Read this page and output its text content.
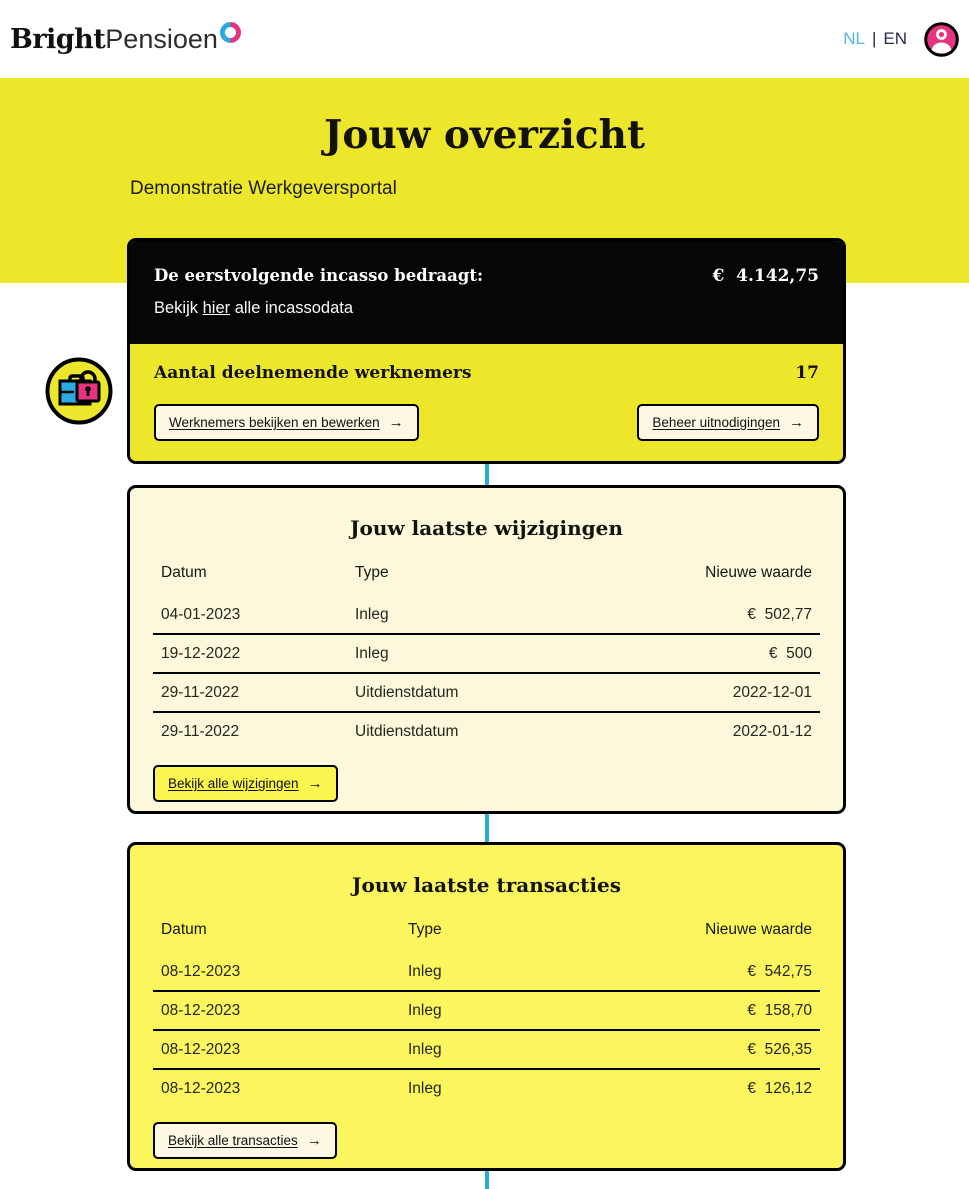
Bright Pensioen	NL | EN
Jouw overzicht
Demonstratie Werkgeversportal
De eerstvolgende incasso bedraagt:	€  4.142,75
Bekijk hier alle incassodata
Aantal deelnemende werknemers	17
Werknemers bekijken en bewerken →	Beheer uitnodigingen →
Jouw laatste wijzigingen
Datum	Type	Nieuwe waarde
04-01-2023	Inleg	€  502,77
19-12-2022	Inleg	€  500
29-11-2022	Uitdienstdatum	2022-12-01
29-11-2022	Uitdienstdatum	2022-01-12
Bekijk alle wijzigingen →
Jouw laatste transacties
Datum	Type	Nieuwe waarde
08-12-2023	Inleg	€  542,75
08-12-2023	Inleg	€  158,70
08-12-2023	Inleg	€  526,35
08-12-2023	Inleg	€  126,12
Bekijk alle transacties →
